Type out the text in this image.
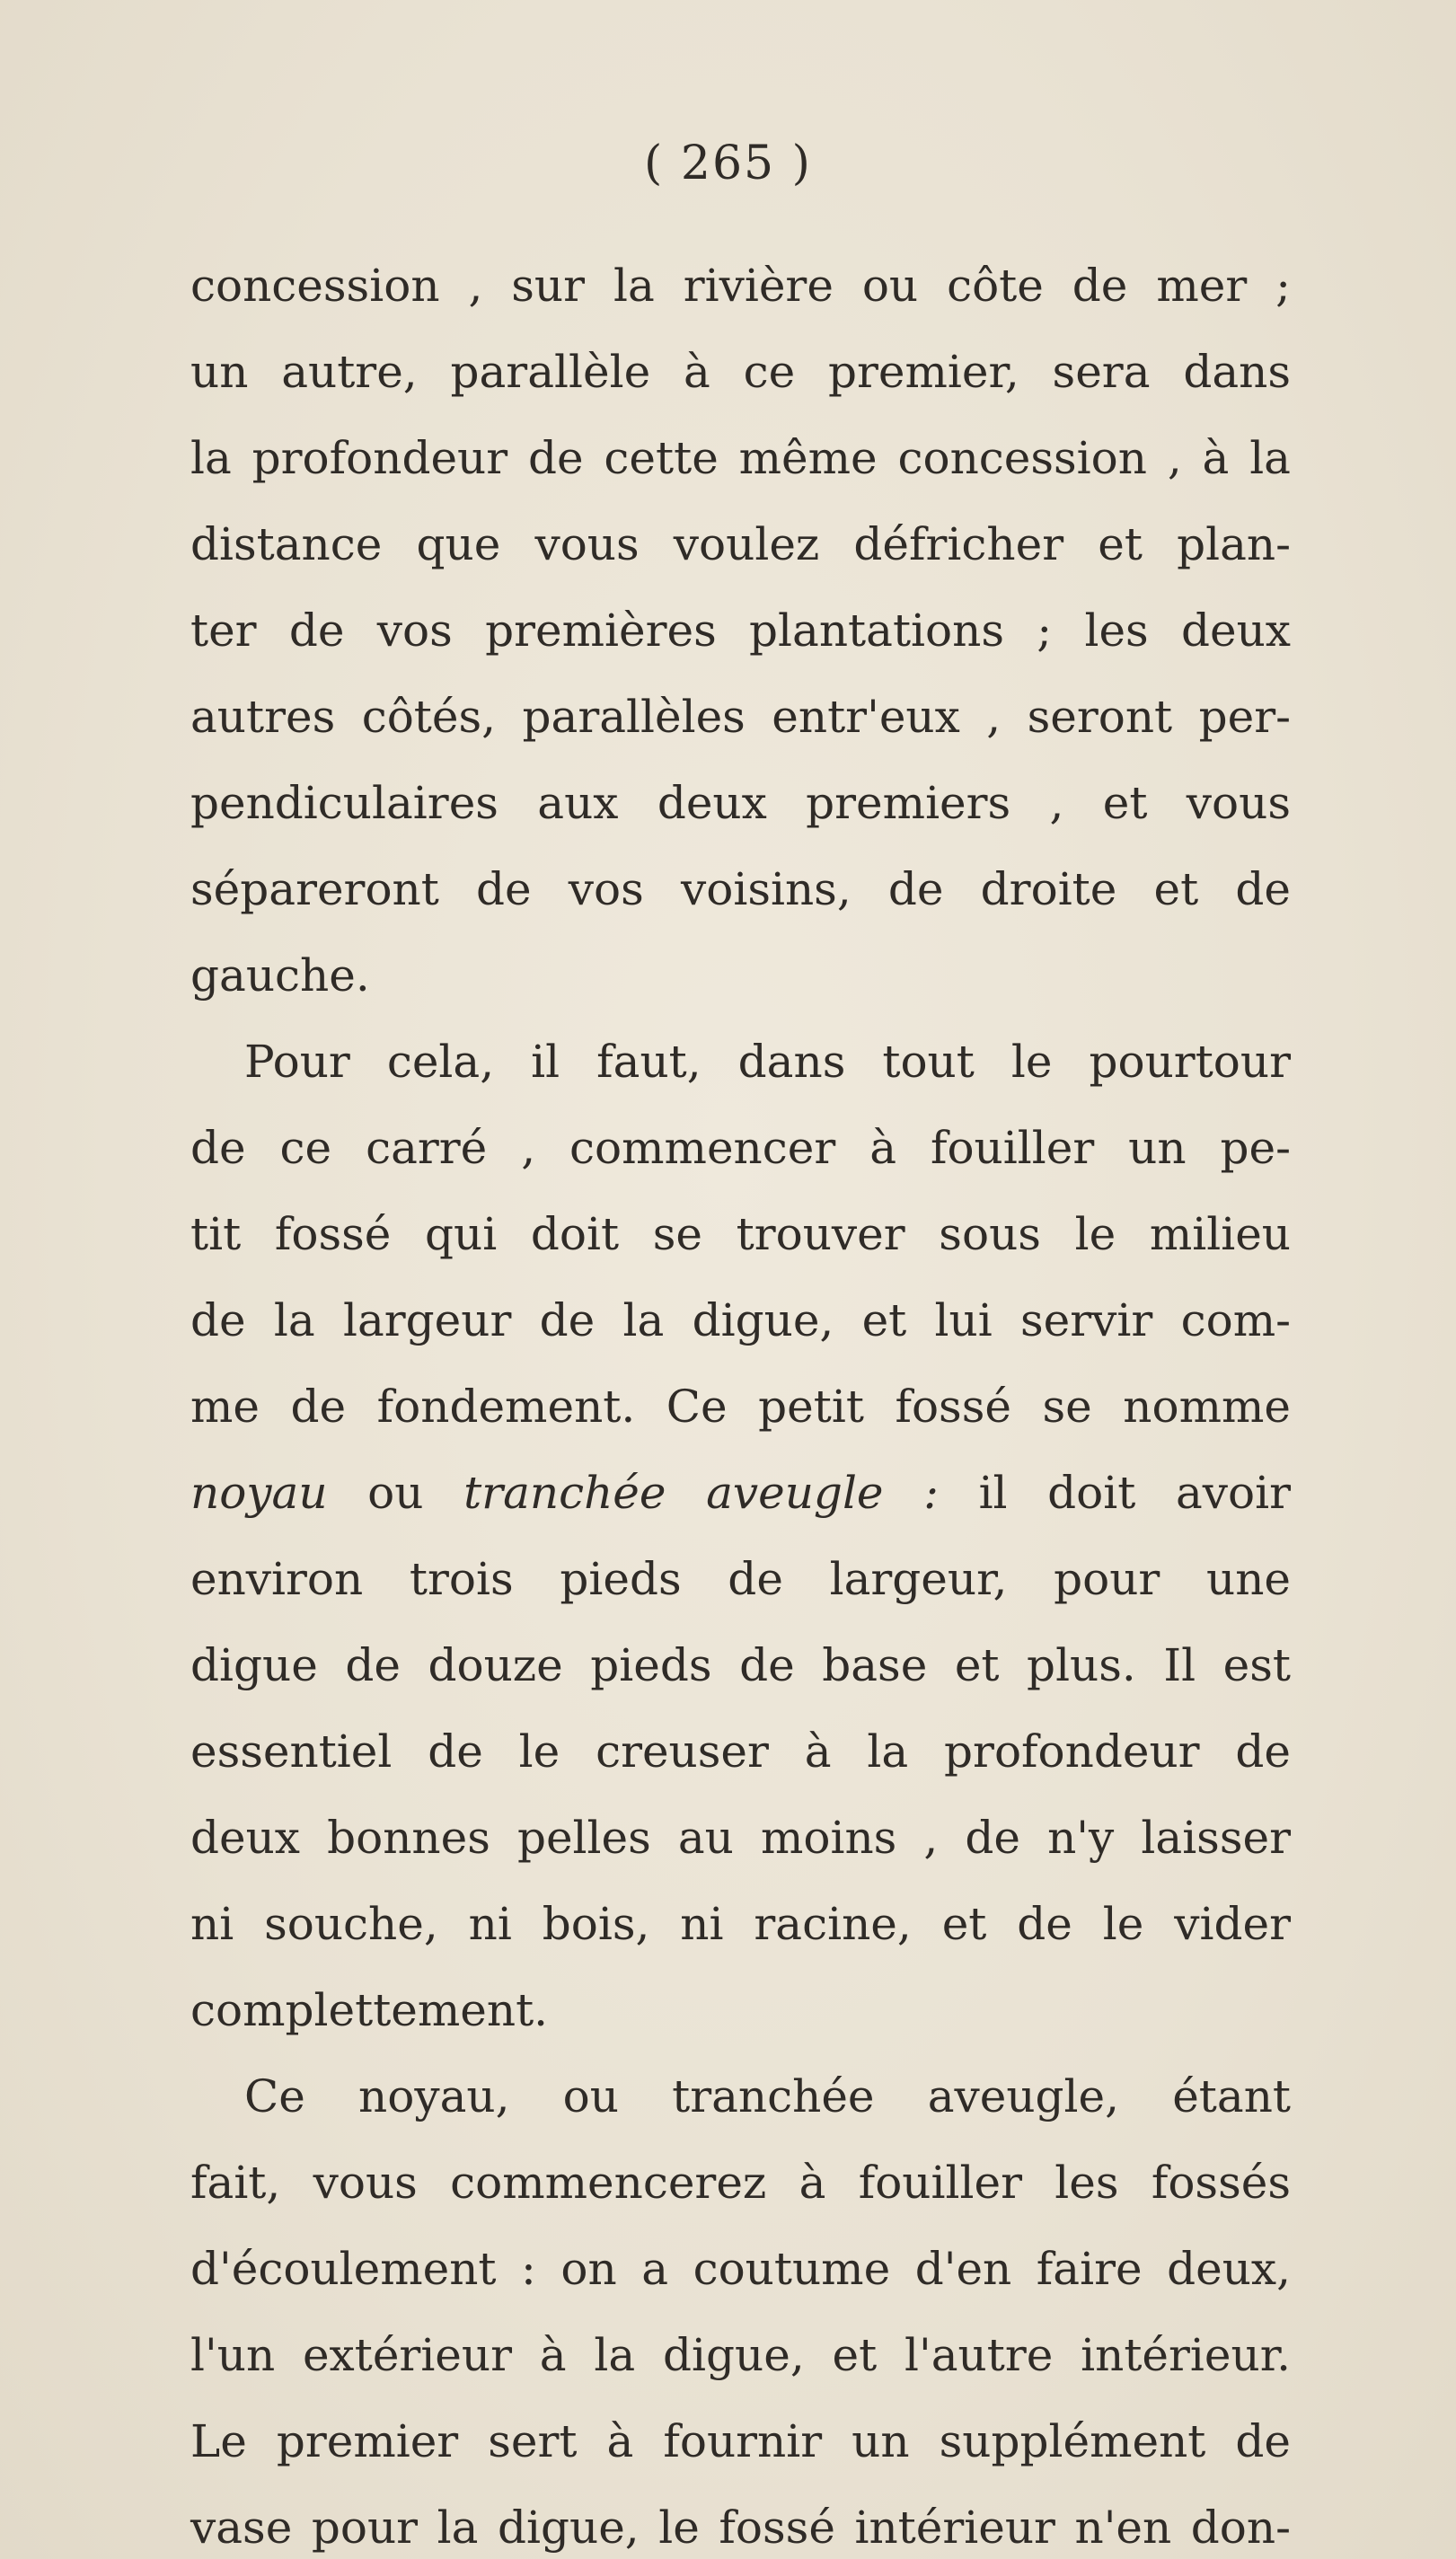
( 265 )
concession , sur la rivière ou côte de mer ;
un autre, parallèle à ce premier, sera dans
la profondeur de cette même concession , à la
distance que vous voulez défricher et plan-
ter de vos premières plantations ; les deux
autres côtés, parallèles entr'eux , seront per-
pendiculaires aux deux premiers , et vous
sépareront de vos voisins, de droite et de
gauche.
Pour cela, il faut, dans tout le pourtour
de ce carré , commencer à fouiller un pe-
tit fossé qui doit se trouver sous le milieu
de la largeur de la digue, et lui servir com-
me de fondement. Ce petit fossé se nomme
noyau ou tranchée aveugle : il doit avoir
environ trois pieds de largeur, pour une
digue de douze pieds de base et plus. Il est
essentiel de le creuser à la profondeur de
deux bonnes pelles au moins , de n'y laisser
ni souche, ni bois, ni racine, et de le vider
complettement.
Ce noyau, ou tranchée aveugle, étant
fait, vous commencerez à fouiller les fossés
d'écoulement : on a coutume d'en faire deux,
l'un extérieur à la digue, et l'autre intérieur.
Le premier sert à fournir un supplément de
vase pour la digue, le fossé intérieur n'en don-
